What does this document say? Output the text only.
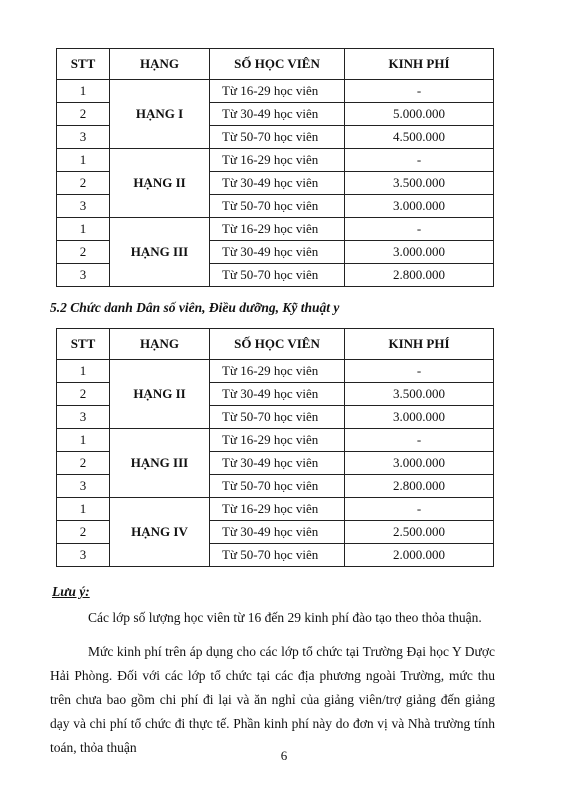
STT	HẠNG	SỐ HỌC VIÊN	KINH PHÍ
1	HẠNG I	Từ 16-29 học viên	-
2		Từ 30-49 học viên	5.000.000
3		Từ 50-70 học viên	4.500.000
1	HẠNG II	Từ 16-29 học viên	-
2		Từ 30-49 học viên	3.500.000
3		Từ 50-70 học viên	3.000.000
1	HẠNG III	Từ 16-29 học viên	-
2		Từ 30-49 học viên	3.000.000
3		Từ 50-70 học viên	2.800.000
5.2 Chức danh Dân số viên, Điều dưỡng, Kỹ thuật y
STT	HẠNG	SỐ HỌC VIÊN	KINH PHÍ
1	HẠNG II	Từ 16-29 học viên	-
2		Từ 30-49 học viên	3.500.000
3		Từ 50-70 học viên	3.000.000
1	HẠNG III	Từ 16-29 học viên	-
2		Từ 30-49 học viên	3.000.000
3		Từ 50-70 học viên	2.800.000
1	HẠNG IV	Từ 16-29 học viên	-
2		Từ 30-49 học viên	2.500.000
3		Từ 50-70 học viên	2.000.000
Lưu ý:

Các lớp số lượng học viên từ 16 đến 29 kinh phí đào tạo theo thỏa thuận.

Mức kinh phí trên áp dụng cho các lớp tổ chức tại Trường Đại học Y Dược Hải Phòng. Đối với các lớp tổ chức tại các địa phương ngoài Trường, mức thu trên chưa bao gồm chi phí đi lại và ăn nghỉ của giảng viên/trợ giảng đến giảng dạy và chi phí tổ chức đi thực tế. Phần kinh phí này do đơn vị và Nhà trường tính toán, thỏa thuận

6
